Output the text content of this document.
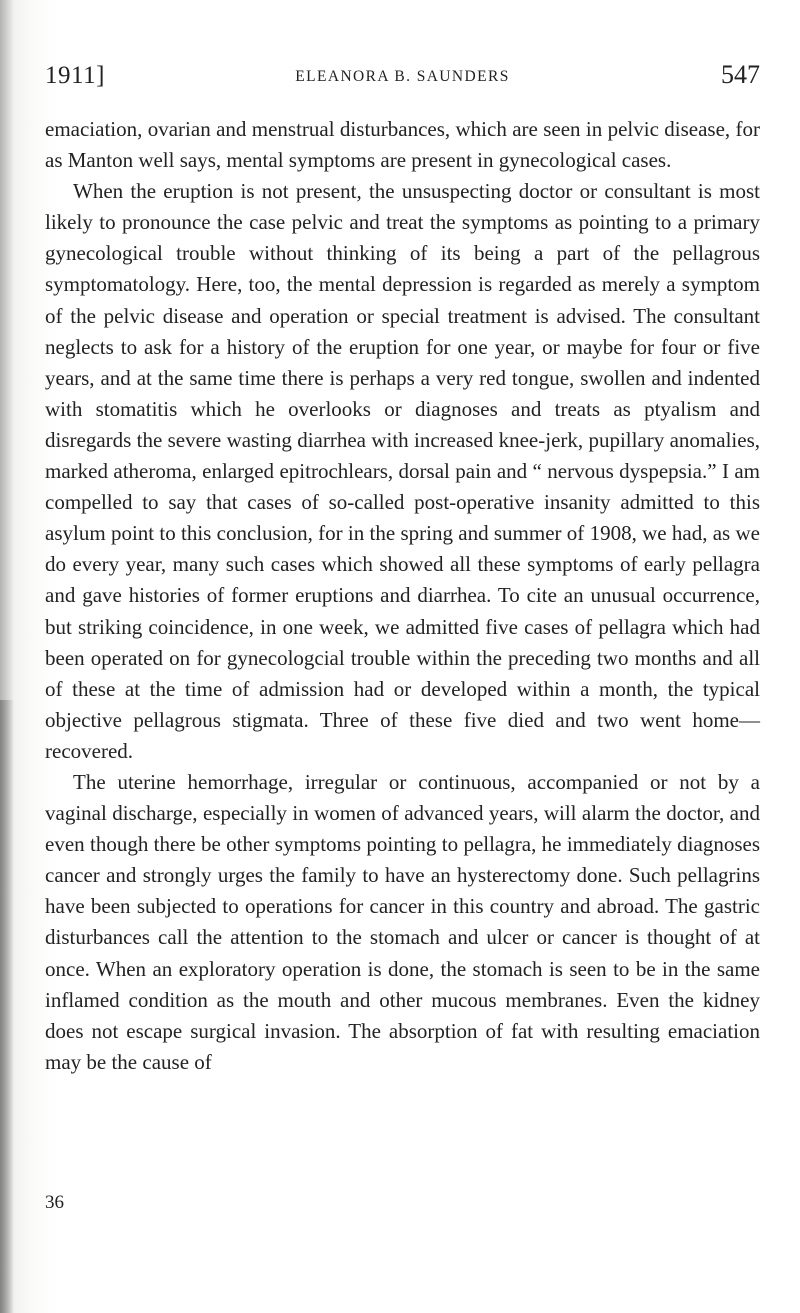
1911]	ELEANORA B. SAUNDERS	547

emaciation, ovarian and menstrual disturbances, which are seen in pelvic disease, for as Manton well says, mental symptoms are present in gynecological cases.

When the eruption is not present, the unsuspecting doctor or consultant is most likely to pronounce the case pelvic and treat the symptoms as pointing to a primary gynecological trouble without thinking of its being a part of the pellagrous symptomatology. Here, too, the mental depression is regarded as merely a symptom of the pelvic disease and operation or special treatment is advised. The consultant neglects to ask for a history of the eruption for one year, or maybe for four or five years, and at the same time there is perhaps a very red tongue, swollen and indented with stomatitis which he overlooks or diagnoses and treats as ptyalism and disregards the severe wasting diarrhea with increased knee-jerk, pupillary anomalies, marked atheroma, enlarged epitrochlears, dorsal pain and “ nervous dyspepsia.” I am compelled to say that cases of so-called post-operative insanity admitted to this asylum point to this conclusion, for in the spring and summer of 1908, we had, as we do every year, many such cases which showed all these symptoms of early pellagra and gave histories of former eruptions and diarrhea. To cite an unusual occurrence, but striking coincidence, in one week, we admitted five cases of pellagra which had been operated on for gynecologcial trouble within the preceding two months and all of these at the time of admission had or developed within a month, the typical objective pellagrous stigmata. Three of these five died and two went home—recovered.

The uterine hemorrhage, irregular or continuous, accompanied or not by a vaginal discharge, especially in women of advanced years, will alarm the doctor, and even though there be other symptoms pointing to pellagra, he immediately diagnoses cancer and strongly urges the family to have an hysterectomy done. Such pellagrins have been subjected to operations for cancer in this country and abroad. The gastric disturbances call the attention to the stomach and ulcer or cancer is thought of at once. When an exploratory operation is done, the stomach is seen to be in the same inflamed condition as the mouth and other mucous membranes. Even the kidney does not escape surgical invasion. The absorption of fat with resulting emaciation may be the cause of

36
